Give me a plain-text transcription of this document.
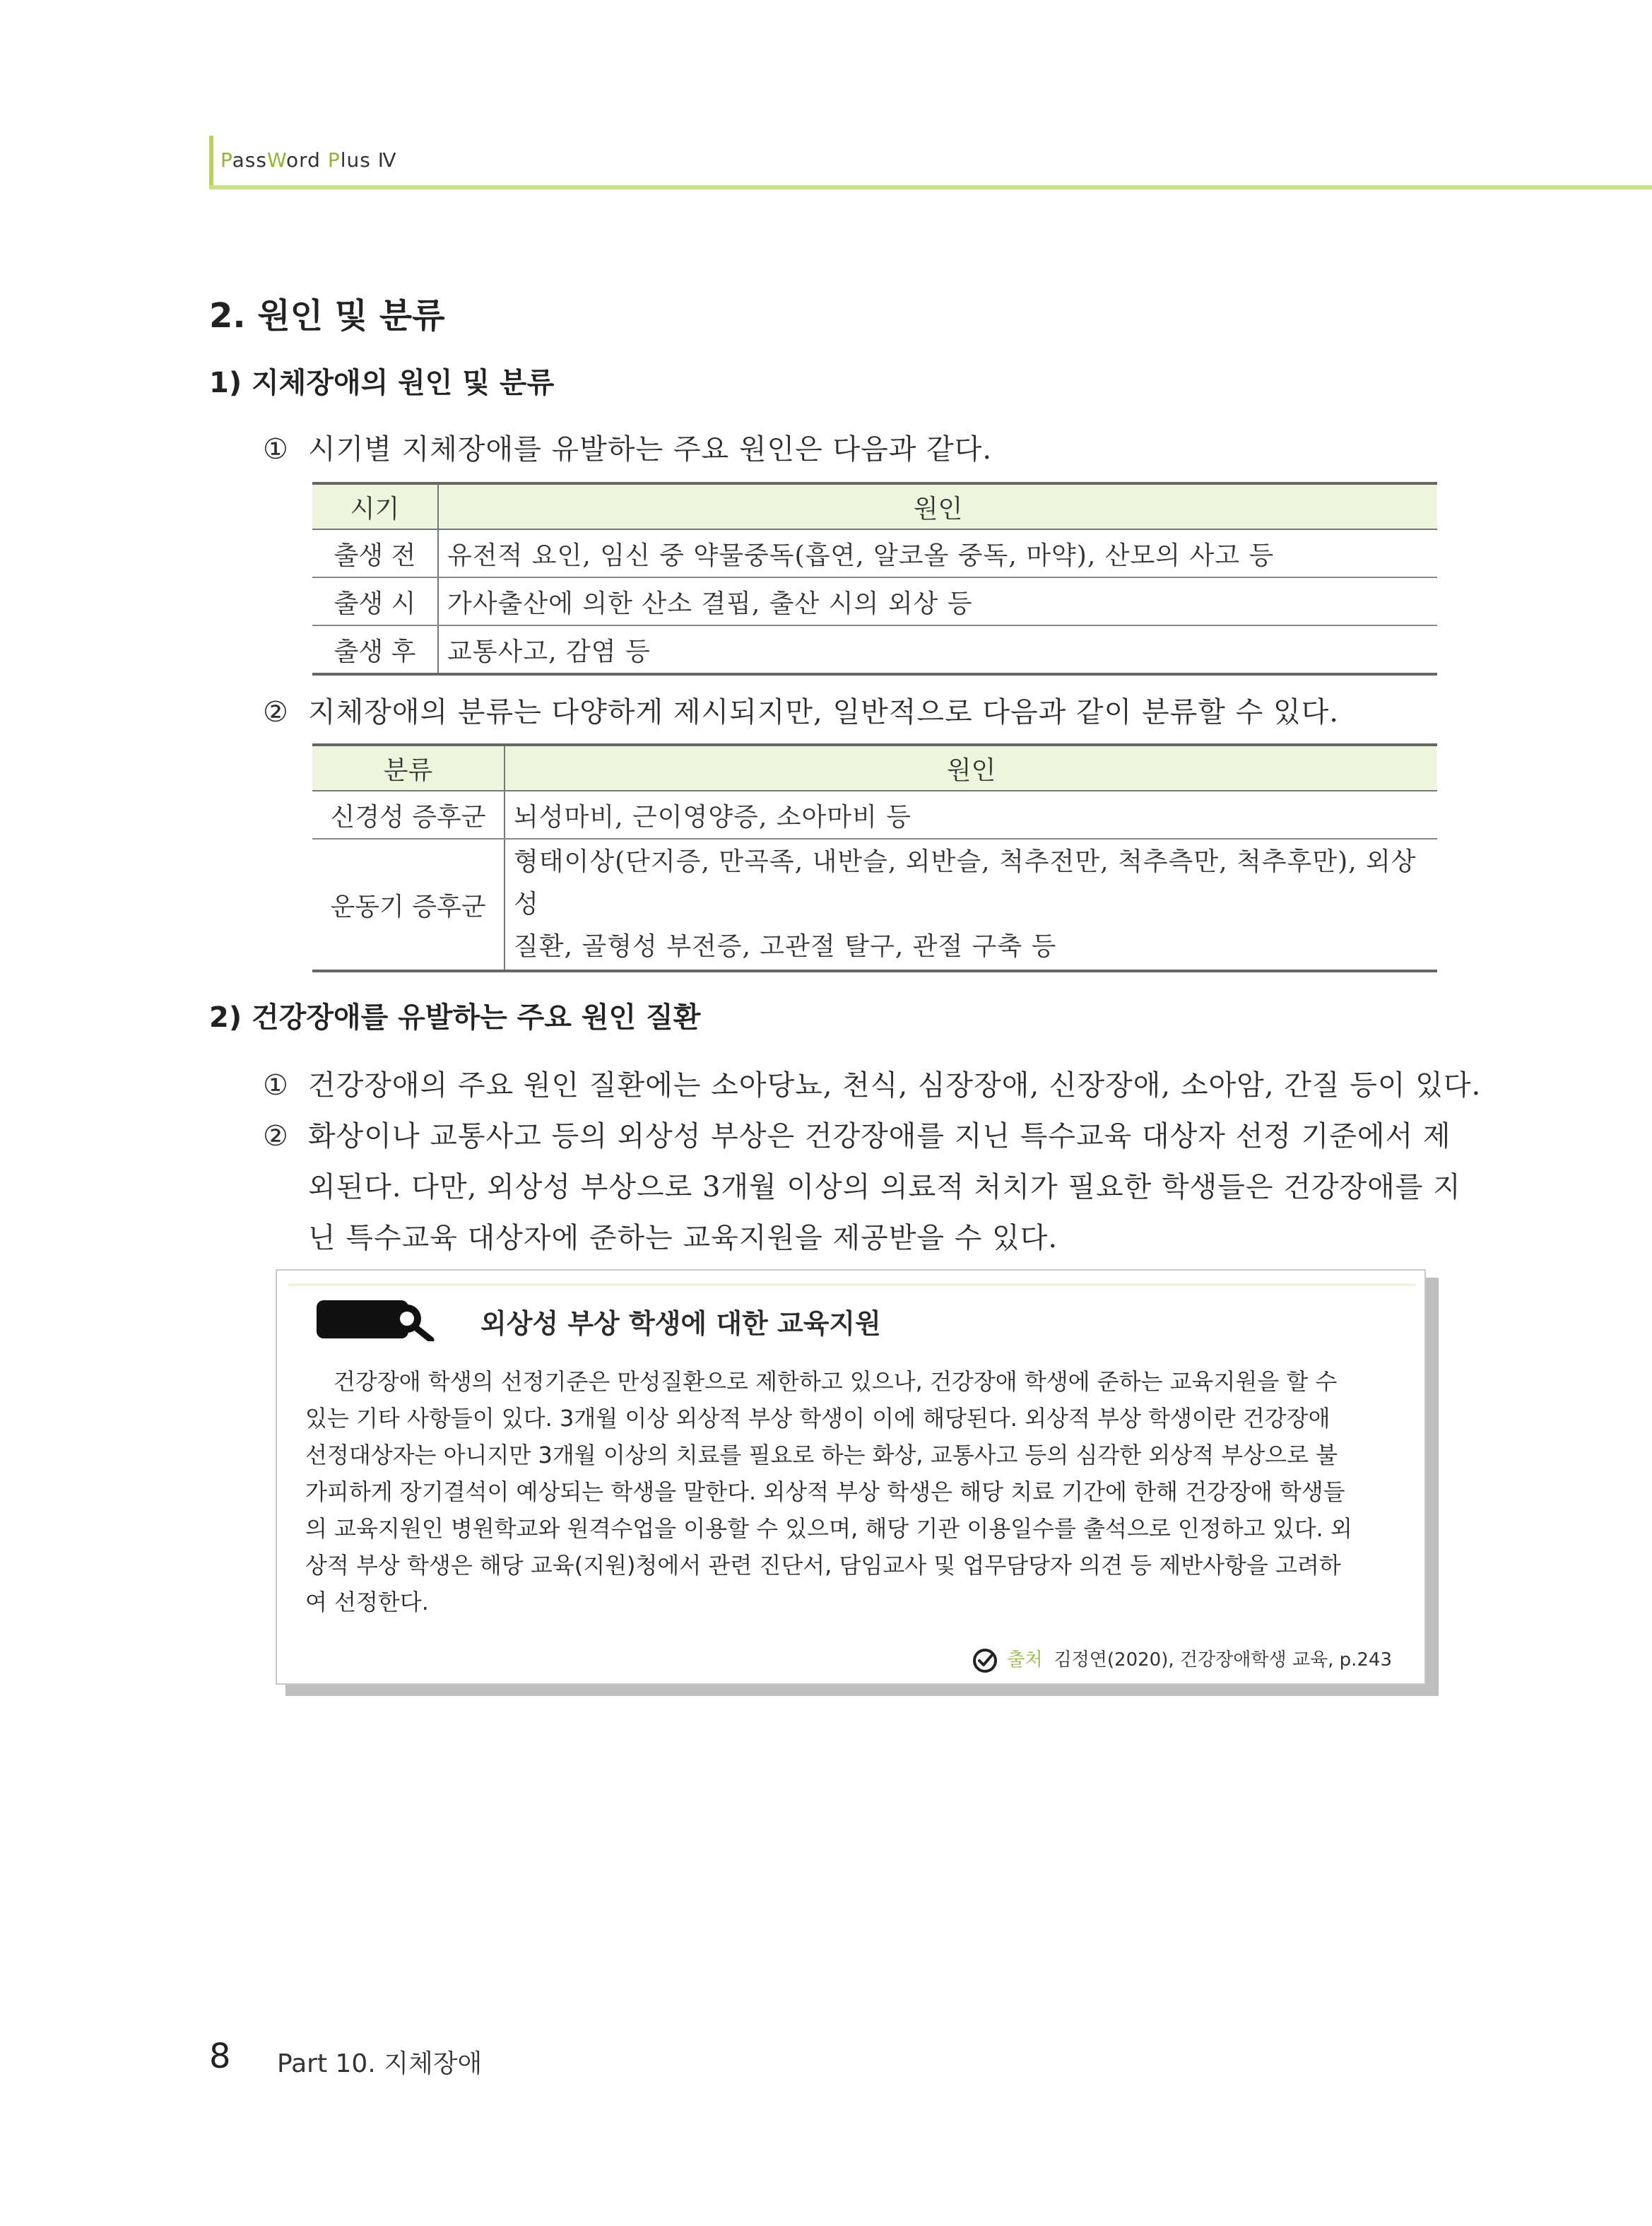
PassWord Plus Ⅳ
2. 원인 및 분류
1) 지체장애의 원인 및 분류
① 시기별 지체장애를 유발하는 주요 원인은 다음과 같다.
시기	원인
출생 전	유전적 요인, 임신 중 약물중독(흡연, 알코올 중독, 마약), 산모의 사고 등
출생 시	가사출산에 의한 산소 결핍, 출산 시의 외상 등
출생 후	교통사고, 감염 등
② 지체장애의 분류는 다양하게 제시되지만, 일반적으로 다음과 같이 분류할 수 있다.
분류	원인
신경성 증후군	뇌성마비, 근이영양증, 소아마비 등
운동기 증후군	형태이상(단지증, 만곡족, 내반슬, 외반슬, 척추전만, 척추측만, 척추후만), 외상성
질환, 골형성 부전증, 고관절 탈구, 관절 구축 등
2) 건강장애를 유발하는 주요 원인 질환
① 건강장애의 주요 원인 질환에는 소아당뇨, 천식, 심장장애, 신장장애, 소아암, 간질 등이 있다.
② 화상이나 교통사고 등의 외상성 부상은 건강장애를 지닌 특수교육 대상자 선정 기준에서 제
외된다. 다만, 외상성 부상으로 3개월 이상의 의료적 처치가 필요한 학생들은 건강장애를 지
닌 특수교육 대상자에 준하는 교육지원을 제공받을 수 있다.
외상성 부상 학생에 대한 교육지원
건강장애 학생의 선정기준은 만성질환으로 제한하고 있으나, 건강장애 학생에 준하는 교육지원을 할 수
있는 기타 사항들이 있다. 3개월 이상 외상적 부상 학생이 이에 해당된다. 외상적 부상 학생이란 건강장애
선정대상자는 아니지만 3개월 이상의 치료를 필요로 하는 화상, 교통사고 등의 심각한 외상적 부상으로 불
가피하게 장기결석이 예상되는 학생을 말한다. 외상적 부상 학생은 해당 치료 기간에 한해 건강장애 학생들
의 교육지원인 병원학교와 원격수업을 이용할 수 있으며, 해당 기관 이용일수를 출석으로 인정하고 있다. 외
상적 부상 학생은 해당 교육(지원)청에서 관련 진단서, 담임교사 및 업무담당자 의견 등 제반사항을 고려하
여 선정한다.
출처 김정연(2020), 건강장애학생 교육, p.243
8 Part 10. 지체장애
